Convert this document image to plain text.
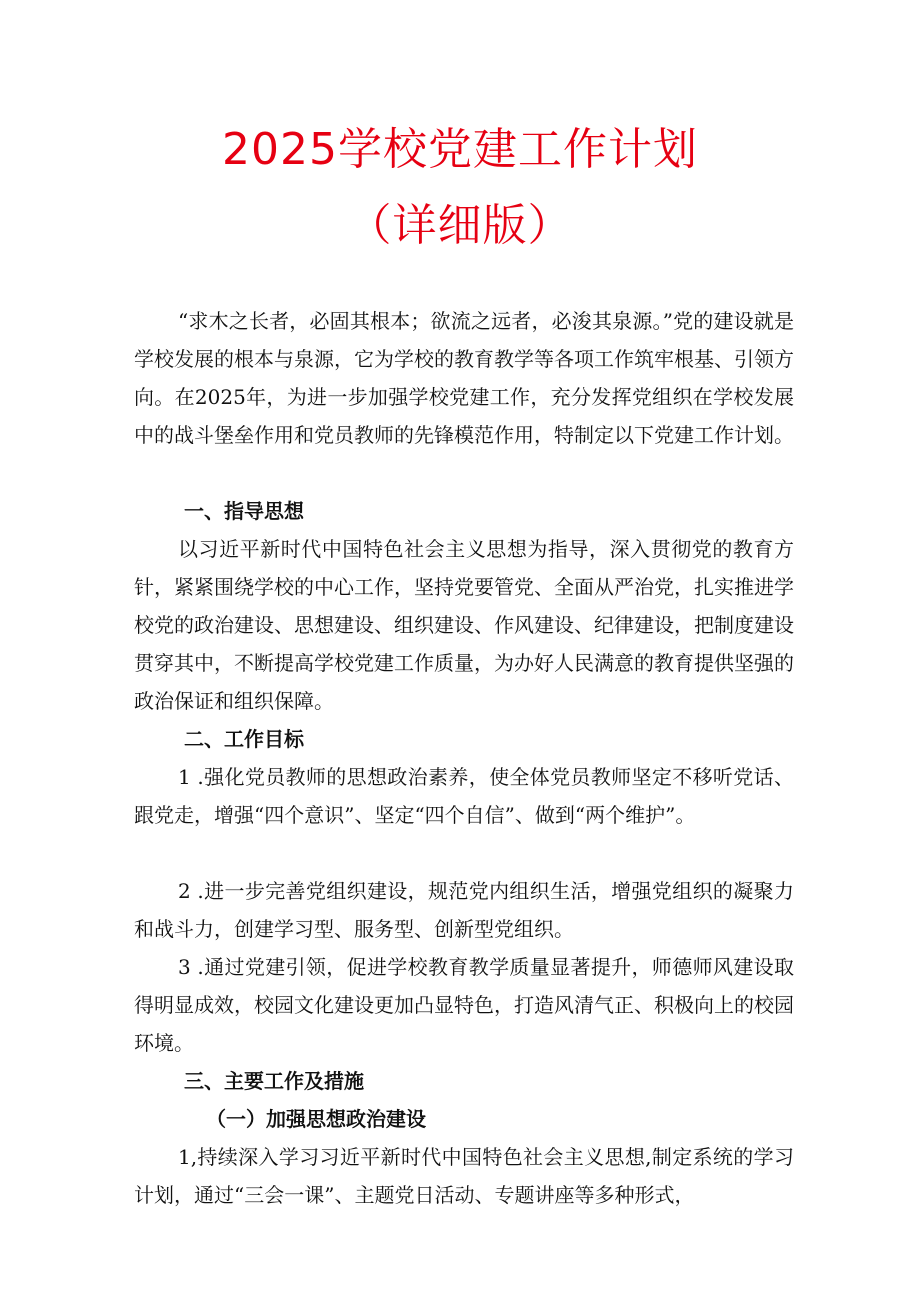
2025学校党建工作计划
（详细版）

“求木之长者，必固其根本；欲流之远者，必浚其泉源。”党的建设就是学校发展的根本与泉源，它为学校的教育教学等各项工作筑牢根基、引领方向。在2025年，为进一步加强学校党建工作，充分发挥党组织在学校发展中的战斗堡垒作用和党员教师的先锋模范作用，特制定以下党建工作计划。

一、指导思想

以习近平新时代中国特色社会主义思想为指导，深入贯彻党的教育方针，紧紧围绕学校的中心工作，坚持党要管党、全面从严治党，扎实推进学校党的政治建设、思想建设、组织建设、作风建设、纪律建设，把制度建设贯穿其中，不断提高学校党建工作质量，为办好人民满意的教育提供坚强的政治保证和组织保障。

二、工作目标

1 .强化党员教师的思想政治素养，使全体党员教师坚定不移听党话、跟党走，增强“四个意识”、坚定“四个自信”、做到“两个维护”。

2 .进一步完善党组织建设，规范党内组织生活，增强党组织的凝聚力和战斗力，创建学习型、服务型、创新型党组织。

3 .通过党建引领，促进学校教育教学质量显著提升，师德师风建设取得明显成效，校园文化建设更加凸显特色，打造风清气正、积极向上的校园环境。

三、主要工作及措施
（一）加强思想政治建设

1,持续深入学习习近平新时代中国特色社会主义思想,制定系统的学习计划，通过“三会一课”、主题党日活动、专题讲座等多种形式，
